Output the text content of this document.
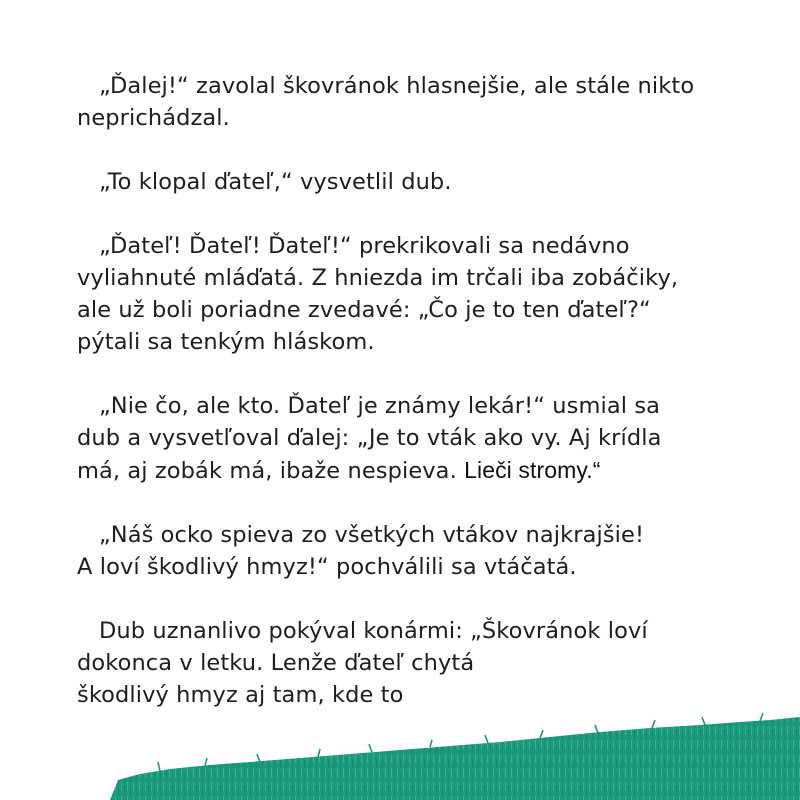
„Ďalej!“ zavolal škovránok hlasnejšie, ale stále nikto
neprichádzal.

„To klopal ďateľ,“ vysvetlil dub.

„Ďateľ! Ďateľ! Ďateľ!“ prekrikovali sa nedávno
vyliahnuté mláďatá. Z hniezda im trčali iba zobáčiky,
ale už boli poriadne zvedavé: „Čo je to ten ďateľ?“
pýtali sa tenkým hláskom.

„Nie čo, ale kto. Ďateľ je známy lekár!“ usmial sa
dub a vysvetľoval ďalej: „Je to vták ako vy. Aj krídla
má, aj zobák má, ibaže nespieva. Lieči stromy.“

„Náš ocko spieva zo všetkých vtákov najkrajšie!
A loví škodlivý hmyz!“ pochválili sa vtáčatá.

Dub uznanlivo pokýval konármi: „Škovránok loví
dokonca v letku. Lenže ďateľ chytá
škodlivý hmyz aj tam, kde to
